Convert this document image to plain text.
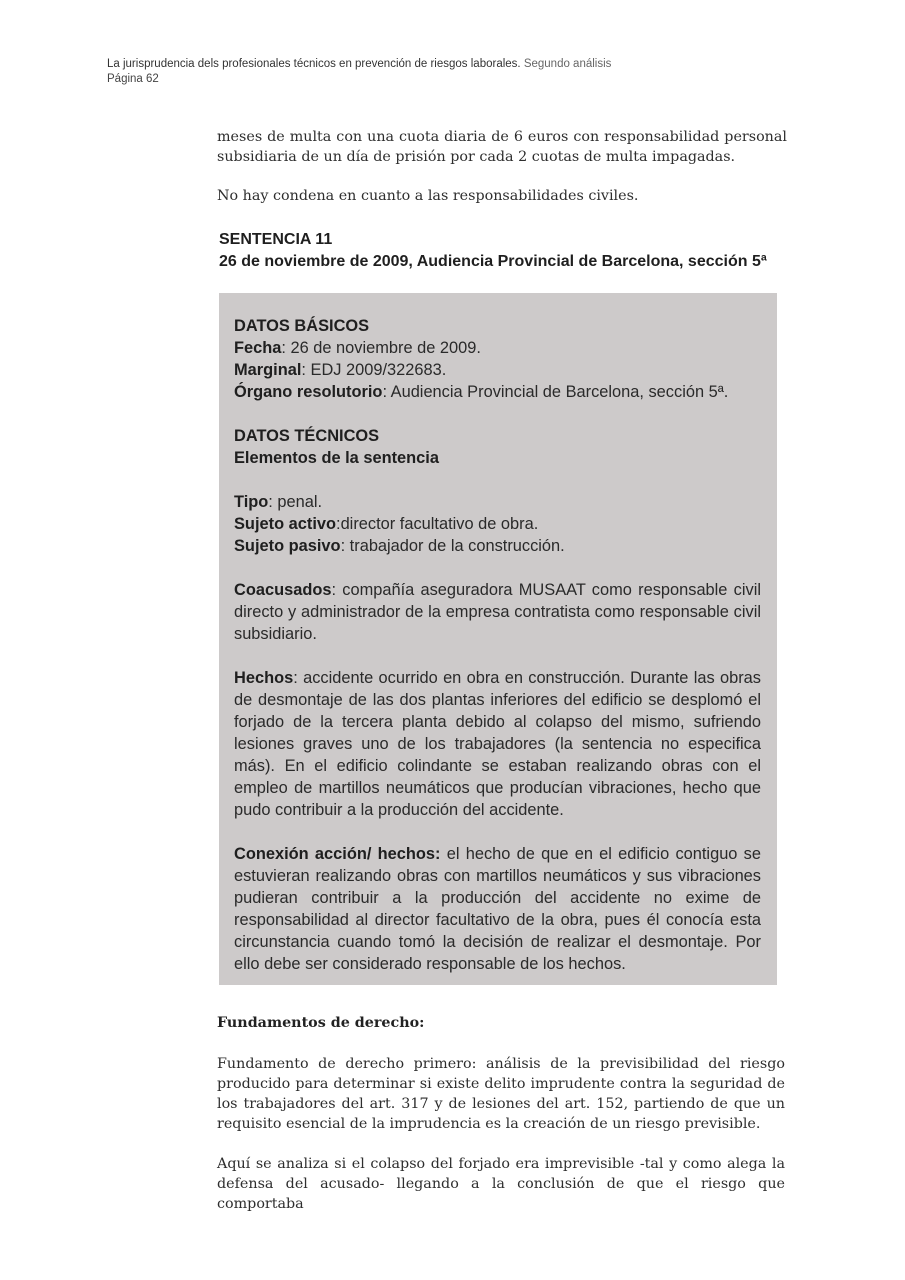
La jurisprudencia dels profesionales técnicos en prevención de riesgos laborales. Segundo análisis
Página 62

meses de multa con una cuota diaria de 6 euros con responsabilidad personal subsidiaria de un día de prisión por cada 2 cuotas de multa impagadas.

No hay condena en cuanto a las responsabilidades civiles.

SENTENCIA 11
26 de noviembre de 2009, Audiencia Provincial de Barcelona, sección 5ª

DATOS BÁSICOS

Fecha: 26 de noviembre de 2009.

Marginal: EDJ 2009/322683.

Órgano resolutorio: Audiencia Provincial de Barcelona, sección 5ª.

DATOS TÉCNICOS

Elementos de la sentencia

Tipo: penal.

Sujeto activo:director facultativo de obra.

Sujeto pasivo: trabajador de la construcción.

Coacusados: compañía aseguradora MUSAAT como responsable civil directo y administrador de la empresa contratista como responsable civil subsidiario.

Hechos: accidente ocurrido en obra en construcción. Durante las obras de desmontaje de las dos plantas inferiores del edificio se desplomó el forjado de la tercera planta debido al colapso del mismo, sufriendo lesiones graves uno de los trabajadores (la sentencia no especifica más). En el edificio colindante se estaban realizando obras con el empleo de martillos neumáticos que producían vibraciones, hecho que pudo contribuir a la producción del accidente.

Conexión acción/ hechos: el hecho de que en el edificio contiguo se estuvieran realizando obras con martillos neumáticos y sus vibraciones pudieran contribuir a la producción del accidente no exime de responsabilidad al director facultativo de la obra, pues él conocía esta circunstancia cuando tomó la decisión de realizar el desmontaje. Por ello debe ser considerado responsable de los hechos.

Fundamentos de derecho:

Fundamento de derecho primero: análisis de la previsibilidad del riesgo producido para determinar si existe delito imprudente contra la seguridad de los trabajadores del art. 317 y de lesiones del art. 152, partiendo de que un requisito esencial de la imprudencia es la creación de un riesgo previsible.

Aquí se analiza si el colapso del forjado era imprevisible -tal y como alega la defensa del acusado- llegando a la conclusión de que el riesgo que comportaba
